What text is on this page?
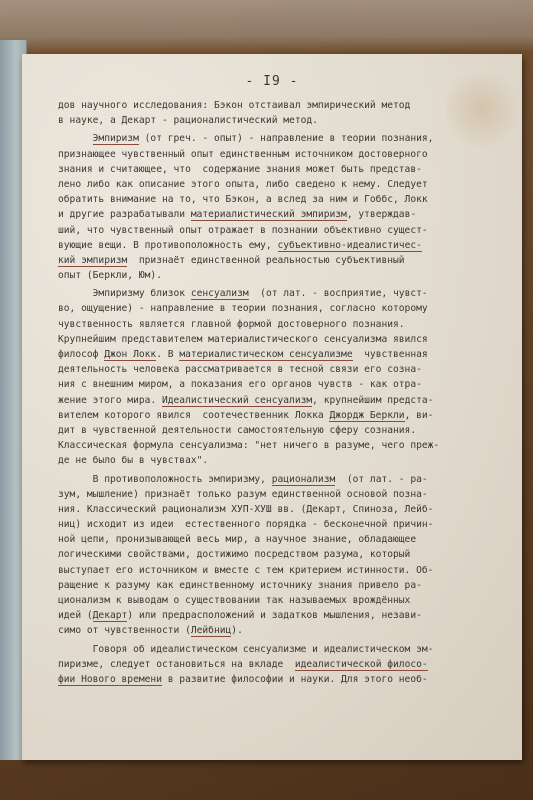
- I9 -
дов научного исследования: Бэкон отстаивал эмпирический метод
в науке, а Декарт - рационалистический метод.
Эмпиризм (от греч. - опыт) - направление в теории познания,
признающее чувственный опыт единственным источником достоверного
знания и считающее, что  содержание знания может быть представ-
лено либо как описание этого опыта, либо сведено к нему. Следует
обратить внимание на то, что Бэкон, а вслед за ним и Гоббс, Локк
и другие разрабатывали материалистический эмпиризм, утверждав-
ший, что чувственный опыт отражает в познании объективно сущест-
вующие вещи. В противоположность ему, субъективно-идеалистичес-
кий эмпиризм  признаёт единственной реальностью субъективный
опыт (Беркли, Юм).
Эмпиризму близок сенсуализм  (от лат. - восприятие, чувст-
во, ощущение) - направление в теории познания, согласно которому
чувственность является главной формой достоверного познания.
Крупнейшим представителем материалистического сенсуализма явился
философ Джон Локк. В материалистическом сенсуализме  чувственная
деятельность человека рассматривается в тесной связи его созна-
ния с внешним миром, а показания его органов чувств - как отра-
жение этого мира. Идеалистический сенсуализм, крупнейшим предста-
вителем которого явился  соотечественник Локка Джордж Беркли, ви-
дит в чувственной деятельности самостоятельную сферу сознания.
Классическая формула сенсуализма: "нет ничего в разуме, чего преж-
де не было бы в чувствах".
В противоположность эмпиризму, рационализм  (от лат. - ра-
зум, мышление) признаёт только разум единственной основой позна-
ния. Классический рационализм ХУП-ХУШ вв. (Декарт, Спиноза, Лейб-
ниц) исходит из идеи  естественного порядка - бесконечной причин-
ной цепи, пронизывающей весь мир, а научное знание, обладающее
логическими свойствами, достижимо посредством разума, который
выступает его источником и вместе с тем критерием истинности. Об-
ращение к разуму как единственному источнику знания привело ра-
ционализм к выводам о существовании так называемых врождённых
идей (Декарт) или предрасположений и задатков мышления, незави-
симо от чувственности (Лейбниц).
Говоря об идеалистическом сенсуализме и идеалистическом эм-
пиризме, следует остановиться на вкладе  идеалистической филосо-
фии Нового времени в развитие философии и науки. Для этого необ-
